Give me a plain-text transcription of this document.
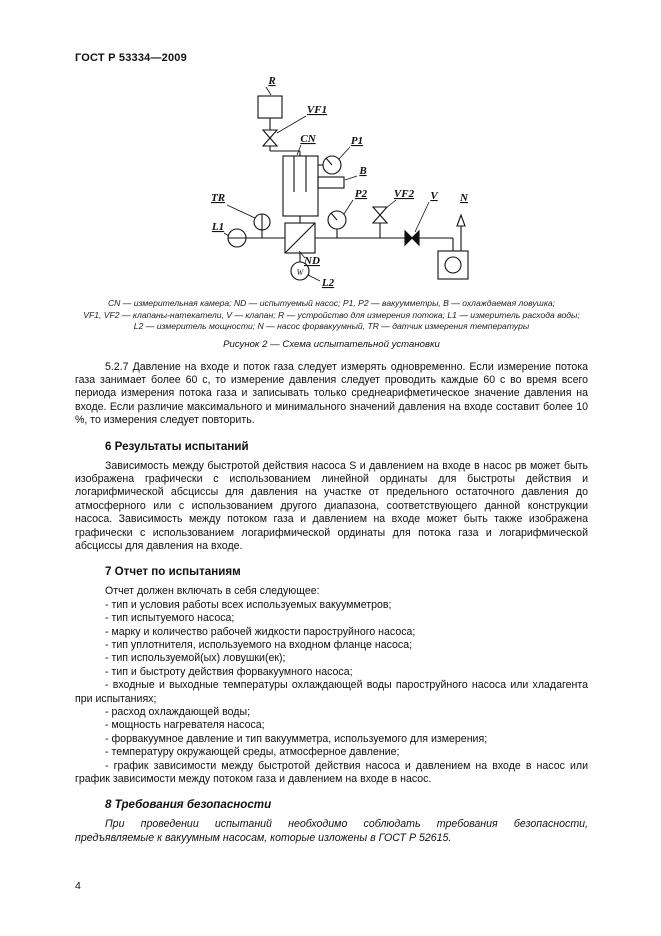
ГОСТ Р 53334—2009
R
VF1
CN	P1
B
TR	P2 VF2 V N
L1
ND
L2
W
CN — измерительная камера; ND — испытуемый насос; P1, P2 — вакуумметры, B — охлаждаемая ловушка;
VF1, VF2 — клапаны-натекатели, V — клапан; R — устройство для измерения потока; L1 — измеритель расхода воды;
L2 — измеритель мощности; N — насос форвакуумный, TR — датчик измерения температуры
Рисунок 2 — Схема испытательной установки

5.2.7 Давление на входе и поток газа следует измерять одновременно. Если измерение потока газа занимает более 60 с, то измерение давления следует проводить каждые 60 с во время всего периода измерения потока газа и записывать только среднеарифметическое значение давления на входе. Если различие максимального и минимального значений давления на входе составит более 10 %, то измерения следует повторить.

6 Результаты испытаний

Зависимость между быстротой действия насоса S и давлением на входе в насос pв может быть изображена графически с использованием линейной ординаты для быстроты действия и логарифмической абсциссы для давления на участке от предельного остаточного давления до атмосферного или с использованием другого диапазона, соответствующего данной конструкции насоса. Зависимость между потоком газа и давлением на входе может быть также изображена графически с использованием логарифмической ординаты для потока газа и логарифмической абсциссы для давления на входе.

7 Отчет по испытаниям

Отчет должен включать в себя следующее:

- тип и условия работы всех используемых вакуумметров;

- тип испытуемого насоса;

- марку и количество рабочей жидкости пароструйного насоса;

- тип уплотнителя, используемого на входном фланце насоса;

- тип используемой(ых) ловушки(ек);

- тип и быстроту действия форвакуумного насоса;

- входные и выходные температуры охлаждающей воды пароструйного насоса или хладагента при испытаниях;

- расход охлаждающей воды;

- мощность нагревателя насоса;

- форвакуумное давление и тип вакуумметра, используемого для измерения;

- температуру окружающей среды, атмосферное давление;

- график зависимости между быстротой действия насоса и давлением на входе в насос или график зависимости между потоком газа и давлением на входе в насос.

8 Требования безопасности

При проведении испытаний необходимо соблюдать требования безопасности, предъявляемые к вакуумным насосам, которые изложены в ГОСТ Р 52615.

4
